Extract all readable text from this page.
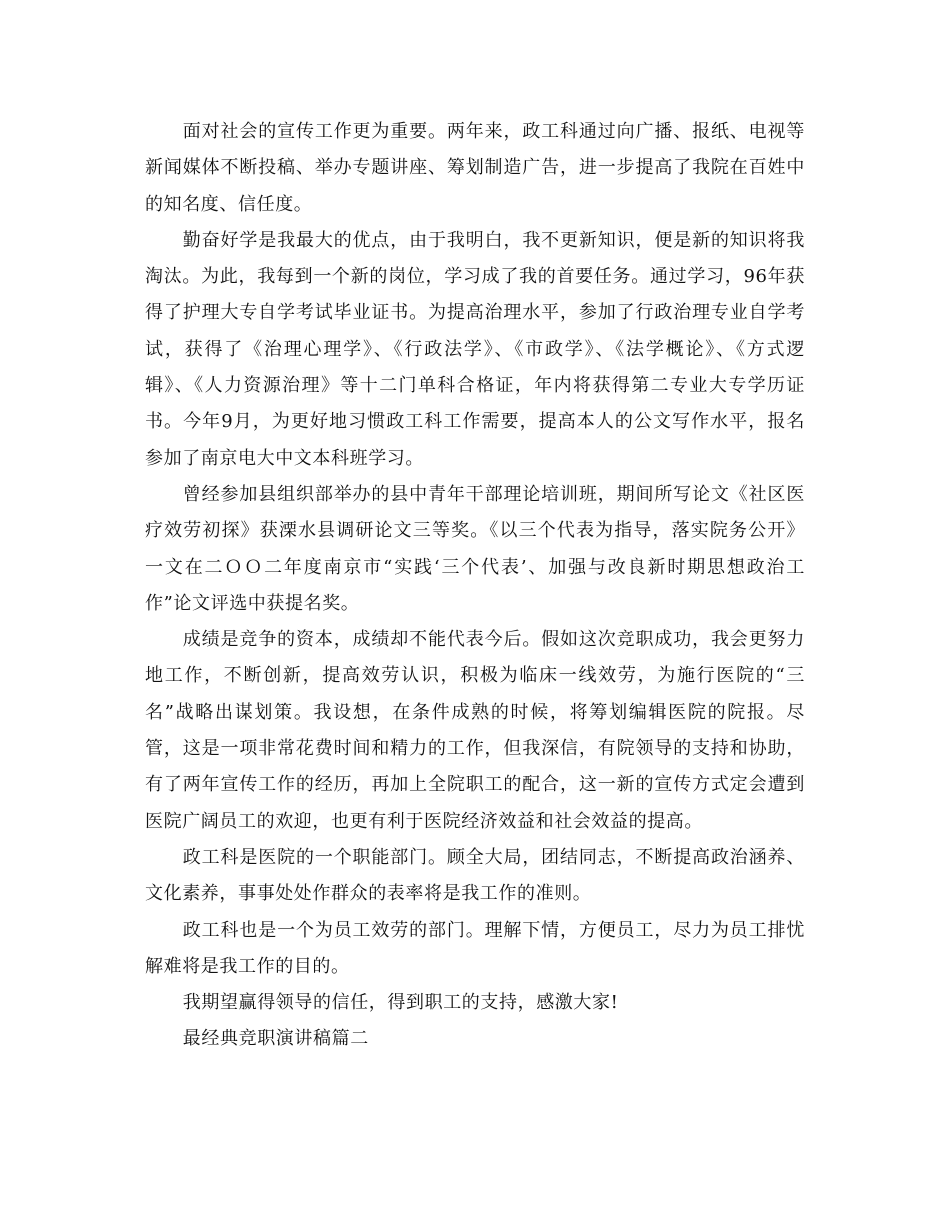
面对社会的宣传工作更为重要。两年来，政工科通过向广播、报纸、电视等新闻媒体不断投稿、举办专题讲座、筹划制造广告，进一步提高了我院在百姓中的知名度、信任度。

勤奋好学是我最大的优点，由于我明白，我不更新知识，便是新的知识将我淘汰。为此，我每到一个新的岗位，学习成了我的首要任务。通过学习，96年获得了护理大专自学考试毕业证书。为提高治理水平，参加了行政治理专业自学考试，获得了《治理心理学》、《行政法学》、《市政学》、《法学概论》、《方式逻辑》、《人力资源治理》等十二门单科合格证，年内将获得第二专业大专学历证书。今年9月，为更好地习惯政工科工作需要，提高本人的公文写作水平，报名参加了南京电大中文本科班学习。

曾经参加县组织部举办的县中青年干部理论培训班，期间所写论文《社区医疗效劳初探》获溧水县调研论文三等奖。《以三个代表为指导，落实院务公开》一文在二ＯＯ二年度南京市“实践‘三个代表’、加强与改良新时期思想政治工作”论文评选中获提名奖。

成绩是竞争的资本，成绩却不能代表今后。假如这次竞职成功，我会更努力地工作，不断创新，提高效劳认识，积极为临床一线效劳，为施行医院的“三名”战略出谋划策。我设想，在条件成熟的时候，将筹划编辑医院的院报。尽管，这是一项非常花费时间和精力的工作，但我深信，有院领导的支持和协助，有了两年宣传工作的经历，再加上全院职工的配合，这一新的宣传方式定会遭到医院广阔员工的欢迎，也更有利于医院经济效益和社会效益的提高。

政工科是医院的一个职能部门。顾全大局，团结同志，不断提高政治涵养、文化素养，事事处处作群众的表率将是我工作的准则。

政工科也是一个为员工效劳的部门。理解下情，方便员工，尽力为员工排忧解难将是我工作的目的。

我期望赢得领导的信任，得到职工的支持，感激大家!

最经典竞职演讲稿篇二
